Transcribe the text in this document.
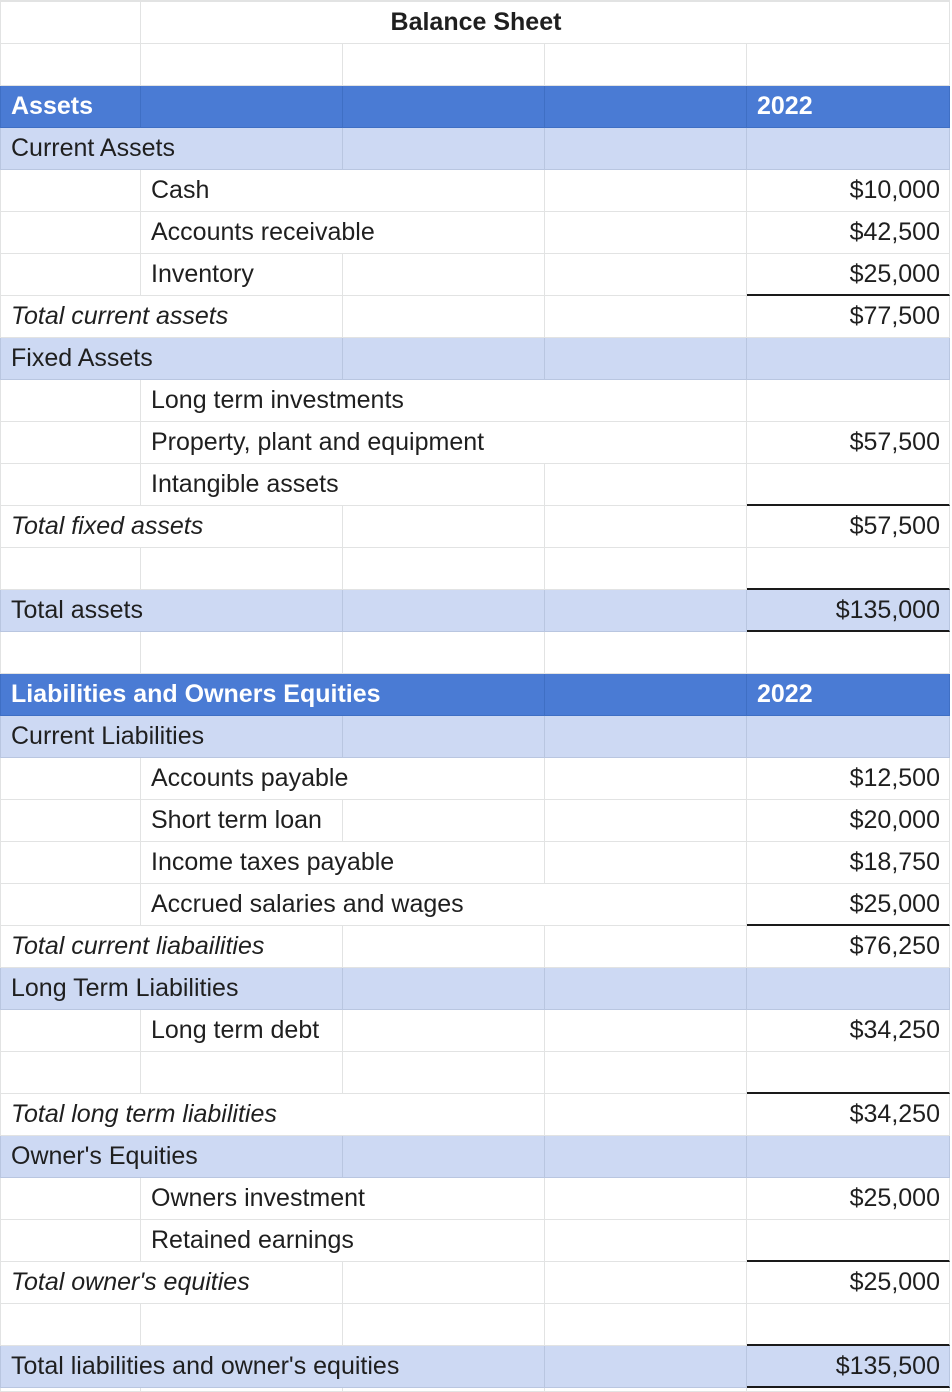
Balance Sheet
Assets	2022
Current Assets
Cash	$10,000
Accounts receivable	$42,500
Inventory	$25,000
Total current assets	$77,500
Fixed Assets
Long term investments
Property, plant and equipment	$57,500
Intangible assets
Total fixed assets	$57,500
Total assets	$135,000
Liabilities and Owners Equities	2022
Current Liabilities
Accounts payable	$12,500
Short term loan	$20,000
Income taxes payable	$18,750
Accrued salaries and wages	$25,000
Total current liabailities	$76,250
Long Term Liabilities
Long term debt	$34,250
Total long term liabilities	$34,250
Owner's Equities
Owners investment	$25,000
Retained earnings
Total owner's equities	$25,000
Total liabilities and owner's equities	$135,500
